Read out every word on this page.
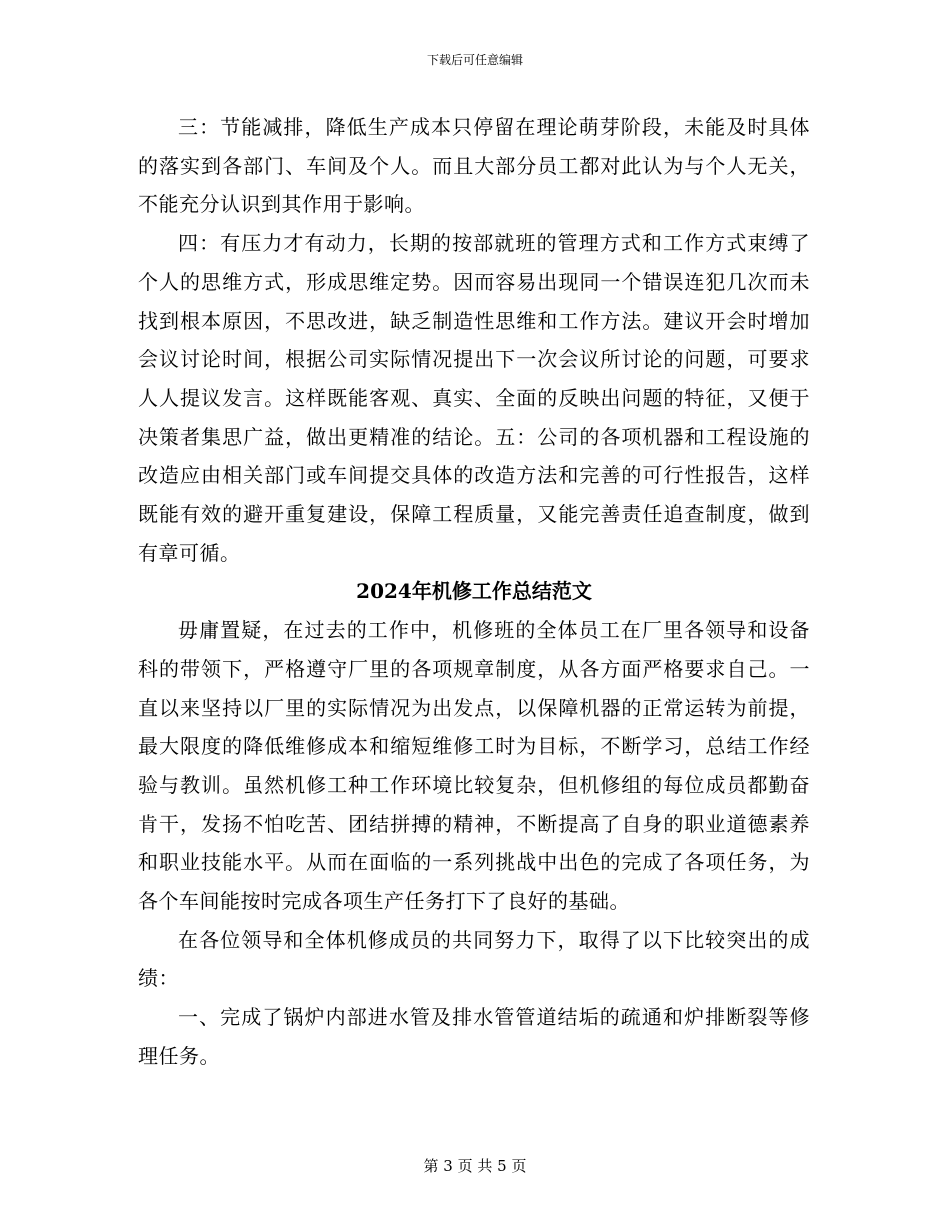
下载后可任意编辑

三：节能减排，降低生产成本只停留在理论萌芽阶段，未能及时具体的落实到各部门、车间及个人。而且大部分员工都对此认为与个人无关，不能充分认识到其作用于影响。

四：有压力才有动力，长期的按部就班的管理方式和工作方式束缚了个人的思维方式，形成思维定势。因而容易出现同一个错误连犯几次而未找到根本原因，不思改进，缺乏制造性思维和工作方法。建议开会时增加会议讨论时间，根据公司实际情况提出下一次会议所讨论的问题，可要求人人提议发言。这样既能客观、真实、全面的反映出问题的特征，又便于决策者集思广益，做出更精准的结论。五：公司的各项机器和工程设施的改造应由相关部门或车间提交具体的改造方法和完善的可行性报告，这样既能有效的避开重复建设，保障工程质量，又能完善责任追查制度，做到有章可循。

2024年机修工作总结范文

毋庸置疑，在过去的工作中，机修班的全体员工在厂里各领导和设备科的带领下，严格遵守厂里的各项规章制度，从各方面严格要求自己。一直以来坚持以厂里的实际情况为出发点，以保障机器的正常运转为前提，最大限度的降低维修成本和缩短维修工时为目标，不断学习，总结工作经验与教训。虽然机修工种工作环境比较复杂，但机修组的每位成员都勤奋肯干，发扬不怕吃苦、团结拼搏的精神，不断提高了自身的职业道德素养和职业技能水平。从而在面临的一系列挑战中出色的完成了各项任务，为各个车间能按时完成各项生产任务打下了良好的基础。

在各位领导和全体机修成员的共同努力下，取得了以下比较突出的成绩：

一、完成了锅炉内部进水管及排水管管道结垢的疏通和炉排断裂等修理任务。

第 3 页 共 5 页
